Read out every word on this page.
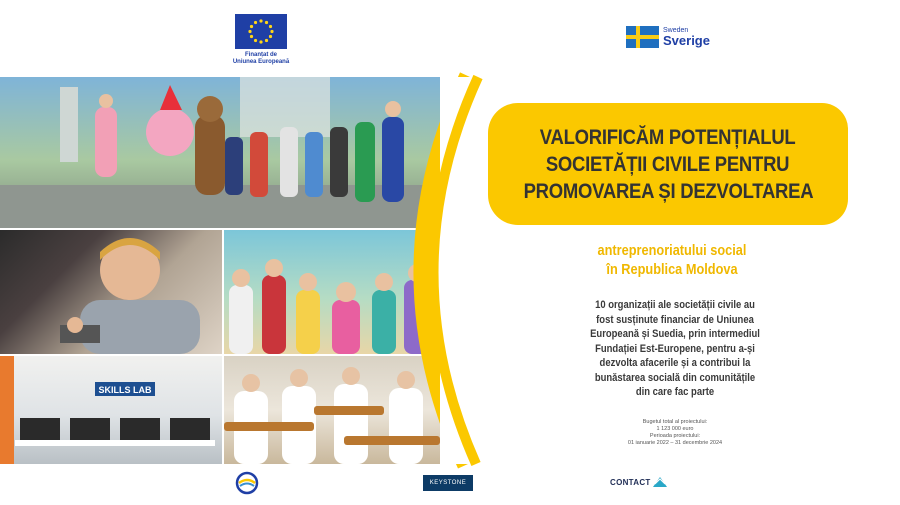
Finanțat de
Uniunea Europeană
Sweden
Sverige
SKILLS LAB
VALORIFICĂM POTENȚIALUL
SOCIETĂȚII CIVILE PENTRU
PROMOVAREA ȘI DEZVOLTAREA
antreprenoriatului social
în Republica Moldova
10 organizații ale societății civile au
fost susținute financiar de Uniunea
Europeană și Suedia, prin intermediul
Fundației Est-Europene, pentru a-și
dezvolta afacerile și a contribui la
bunăstarea socială din comunitățile
din care fac parte
Bugetul total al proiectului:
1 123 000 euro
Perioada proiectului:
01 ianuarie 2022 – 31 decembrie 2024
KEYSTONE	CONTACT
